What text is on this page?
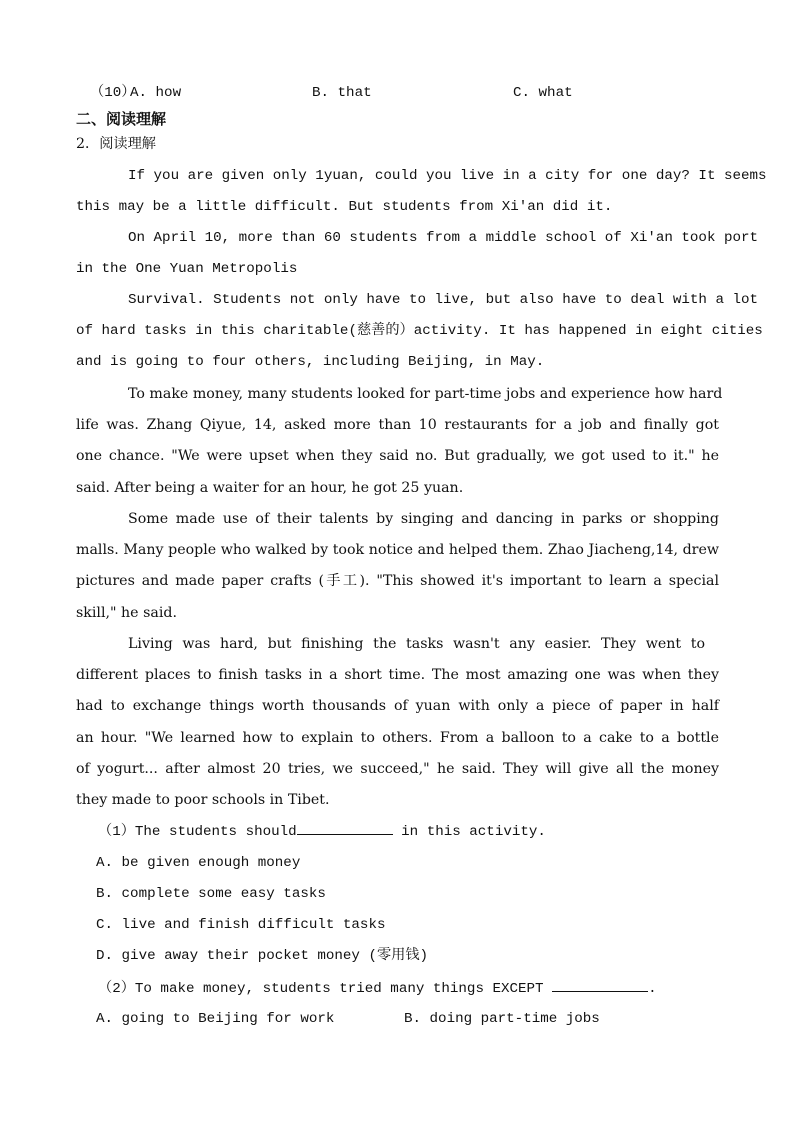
（10）
A. how	B. that	C. what
二、阅读理解
2．阅读理解
If you are given only 1yuan, could you live in a city for one day? It seems
this may be a little difficult. But students from Xi'an did it.
On April 10, more than 60 students from a middle school of Xi'an took port
in the One Yuan Metropolis
Survival. Students not only have to live, but also have to deal with a lot
of hard tasks in this charitable(慈善的）activity. It has happened in eight cities
and is going to four others, including Beijing, in May.
To make money, many students looked for part-time jobs and experience how hard
life was. Zhang Qiyue, 14, asked more than 10 restaurants for a job and finally got
one chance. "We were upset when they said no. But gradually, we got used to it." he
said. After being a waiter for an hour, he got 25 yuan.
Some made use of their talents by singing and dancing in parks or shopping
malls. Many people who walked by took notice and helped them. Zhao Jiacheng,14, drew
pictures and made paper crafts (手工). "This showed it's important to learn a special
skill," he said.
Living was hard, but finishing the tasks wasn't any easier. They went to
different places to finish tasks in a short time. The most amazing one was when they
had to exchange things worth thousands of yuan with only a piece of paper in half
an hour. "We learned how to explain to others. From a balloon to a cake to a bottle
of yogurt... after almost 20 tries, we succeed," he said. They will give all the money
they made to poor schools in Tibet.
（1）The students should	in this activity.
A. be given enough money
B. complete some easy tasks
C. live and finish difficult tasks
D. give away their pocket money (零用钱)
（2）To make money, students tried many things EXCEPT	.
A. going to Beijing for work	B. doing part-time jobs
